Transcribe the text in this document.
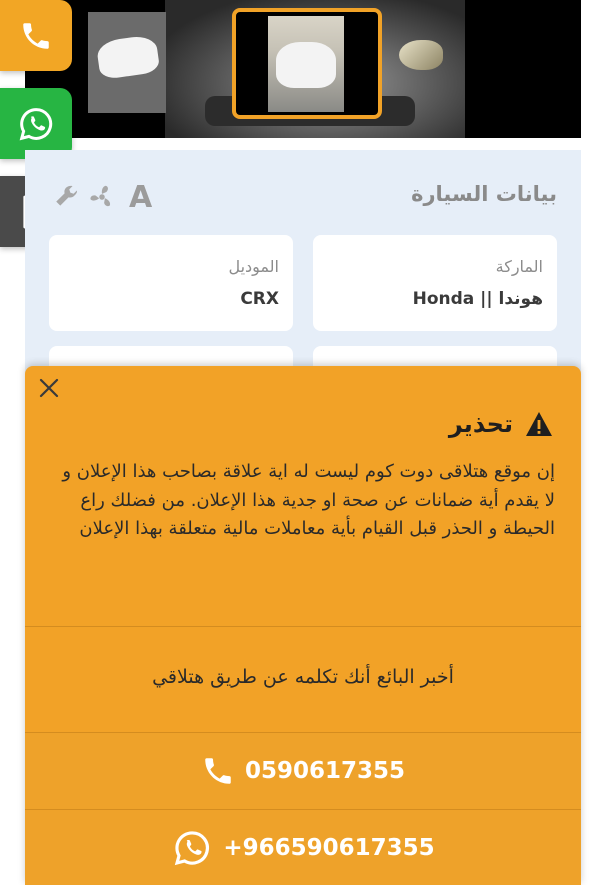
بيانات السيارة
A
الماركة
هوندا || Honda
الموديل
CRX
تحذير
إن موقع هتلاقى دوت كوم ليست له اية علاقة بصاحب هذا الإعلان و لا يقدم أية ضمانات عن صحة او جدية هذا الإعلان. من فضلك راع الحيطة و الحذر قبل القيام بأية معاملات مالية متعلقة بهذا الإعلان
أخبر البائع أنك تكلمه عن طريق هتلاقي
0590617355
+966590617355
